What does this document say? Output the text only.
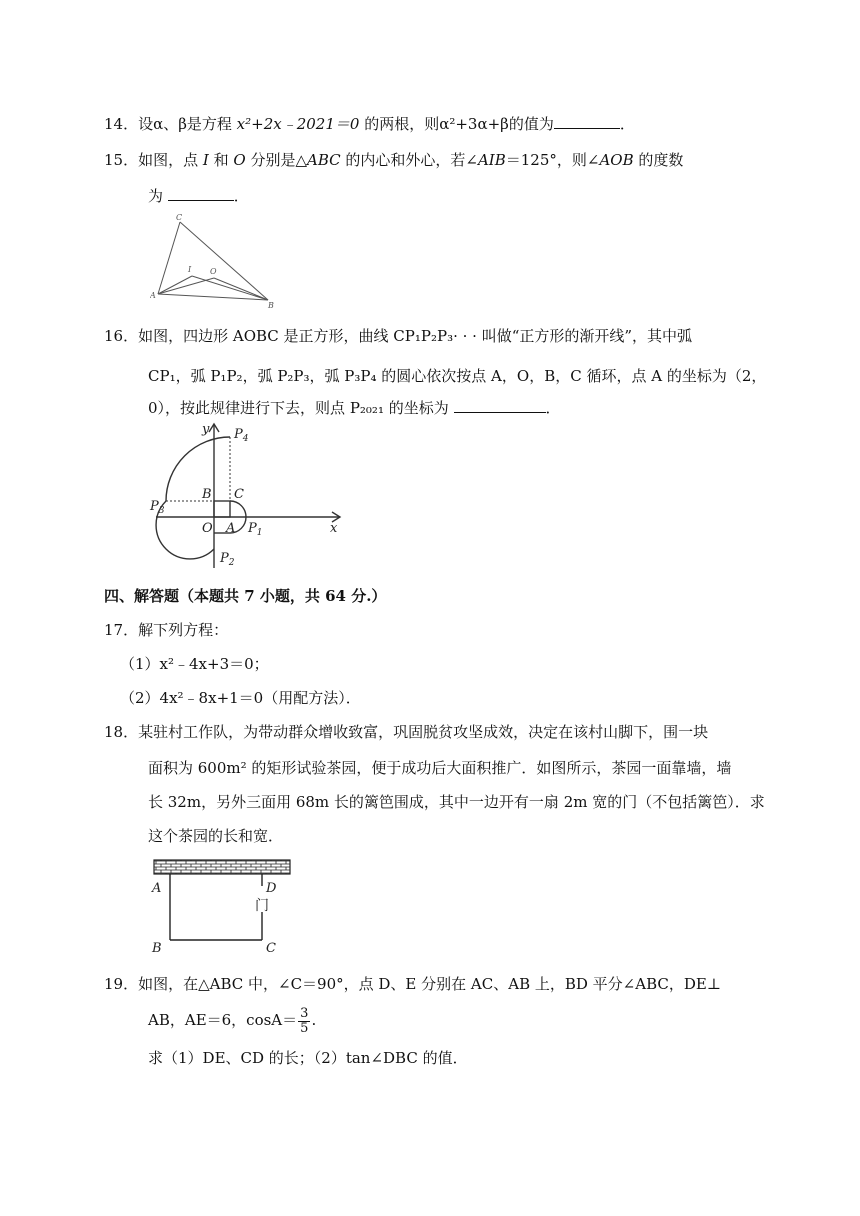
14．设α、β是方程 x²+2x﹣2021＝0 的两根，则α²+3α+β的值为	．
15．如图，点 I 和 O 分别是△ABC 的内心和外心，若∠AIB＝125°，则∠AOB 的度数
为	．
C
I O
A
B
16．如图，四边形 AOBC 是正方形，曲线 CP₁P₂P₃· · · 叫做“正方形的渐开线”，其中弧
CP₁，弧 P₁P₂，弧 P₂P₃，弧 P₃P₄ 的圆心依次按点 A，O，B，C 循环，点 A 的坐标为（2，
0），按此规律进行下去，则点 P₂₀₂₁ 的坐标为	．
y
x
$P_4$
$P_3$
$P_2$
$P_1$
B C
O A
四、解答题（本题共 7 小题，共 64 分.）
17．解下列方程：
（1）x²﹣4x+3＝0；
（2）4x²﹣8x+1＝0（用配方法）．
18．某驻村工作队，为带动群众增收致富，巩固脱贫攻坚成效，决定在该村山脚下，围一块
面积为 600m² 的矩形试验茶园，便于成功后大面积推广．如图所示，茶园一面靠墙，墙
长 32m，另外三面用 68m 长的篱笆围成，其中一边开有一扇 2m 宽的门（不包括篱笆）．求
这个茶园的长和宽．
A	D
B	C
门
19．如图，在△ABC 中，∠C＝90°，点 D、E 分别在 AC、AB 上，BD 平分∠ABC，DE⊥
AB，AE＝6，$\cos A= \frac{3}{5}$ .
求（1）DE、CD 的长；（2）tan∠DBC 的值．
